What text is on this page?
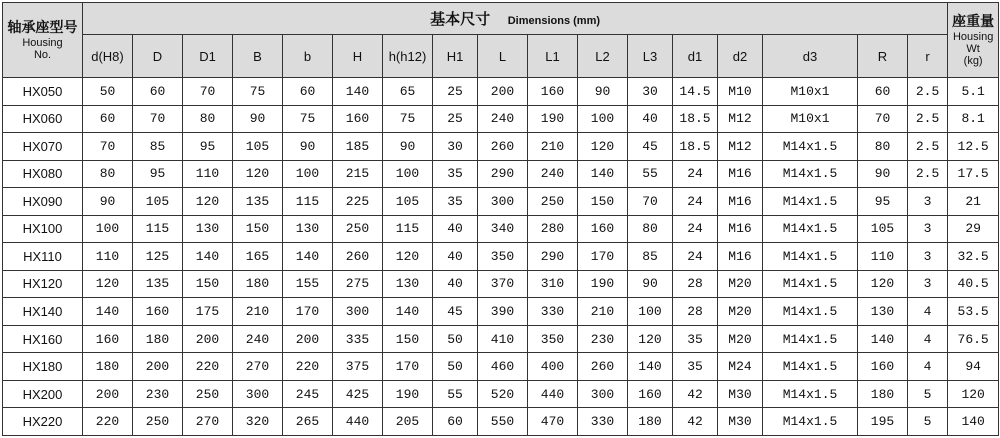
轴承座型号
Housing
No.	基本尺寸 Dimensions (mm)																	座重量
Housing
Wt
(kg)

	d(H8)	D	D1	B	b	H	h(h12)	H1	L	L1	L2	L3	d1	d2	d3	R	r	
HX050	50	60	70	75	60	140	65	25	200	160	90	30	14.5	M10	M10x1	60	2.5	5.1
HX060	60	70	80	90	75	160	75	25	240	190	100	40	18.5	M12	M10x1	70	2.5	8.1
HX070	70	85	95	105	90	185	90	30	260	210	120	45	18.5	M12	M14x1.5	80	2.5	12.5
HX080	80	95	110	120	100	215	100	35	290	240	140	55	24	M16	M14x1.5	90	2.5	17.5
HX090	90	105	120	135	115	225	105	35	300	250	150	70	24	M16	M14x1.5	95	3	21
HX100	100	115	130	150	130	250	115	40	340	280	160	80	24	M16	M14x1.5	105	3	29
HX110	110	125	140	165	140	260	120	40	350	290	170	85	24	M16	M14x1.5	110	3	32.5
HX120	120	135	150	180	155	275	130	40	370	310	190	90	28	M20	M14x1.5	120	3	40.5
HX140	140	160	175	210	170	300	140	45	390	330	210	100	28	M20	M14x1.5	130	4	53.5
HX160	160	180	200	240	200	335	150	50	410	350	230	120	35	M20	M14x1.5	140	4	76.5
HX180	180	200	220	270	220	375	170	50	460	400	260	140	35	M24	M14x1.5	160	4	94
HX200	200	230	250	300	245	425	190	55	520	440	300	160	42	M30	M14x1.5	180	5	120
HX220	220	250	270	320	265	440	205	60	550	470	330	180	42	M30	M14x1.5	195	5	140
